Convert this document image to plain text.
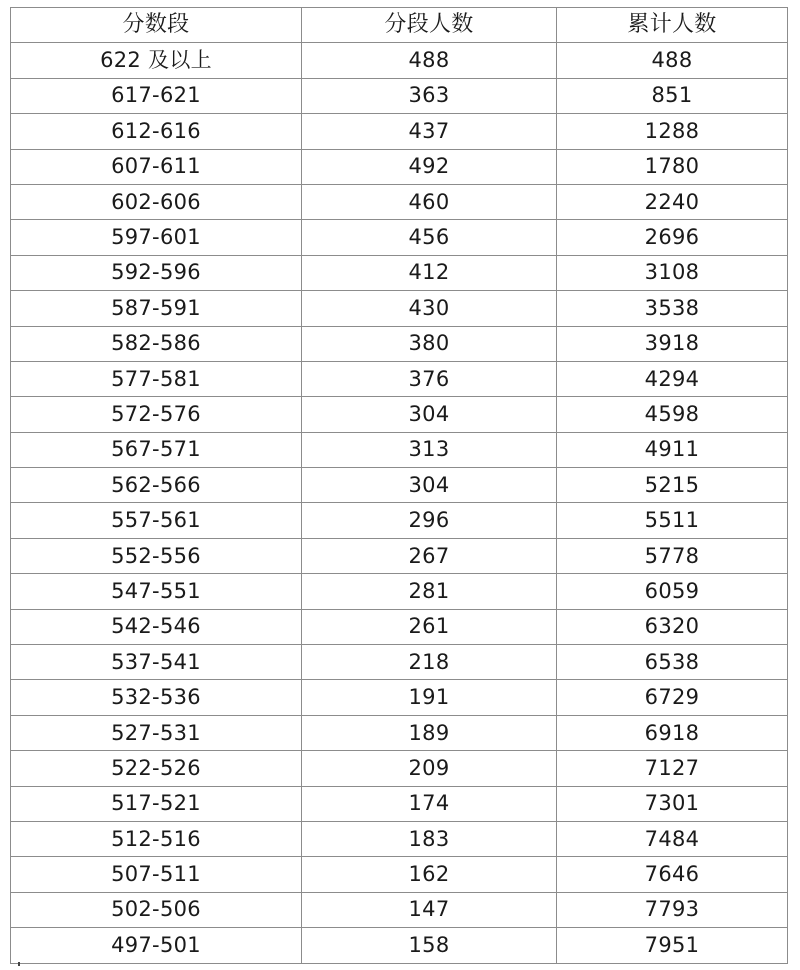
分数段	分段人数	累计人数
622 及以上	488	488
617-621	363	851
612-616	437	1288
607-611	492	1780
602-606	460	2240
597-601	456	2696
592-596	412	3108
587-591	430	3538
582-586	380	3918
577-581	376	4294
572-576	304	4598
567-571	313	4911
562-566	304	5215
557-561	296	5511
552-556	267	5778
547-551	281	6059
542-546	261	6320
537-541	218	6538
532-536	191	6729
527-531	189	6918
522-526	209	7127
517-521	174	7301
512-516	183	7484
507-511	162	7646
502-506	147	7793
497-501	158	7951
